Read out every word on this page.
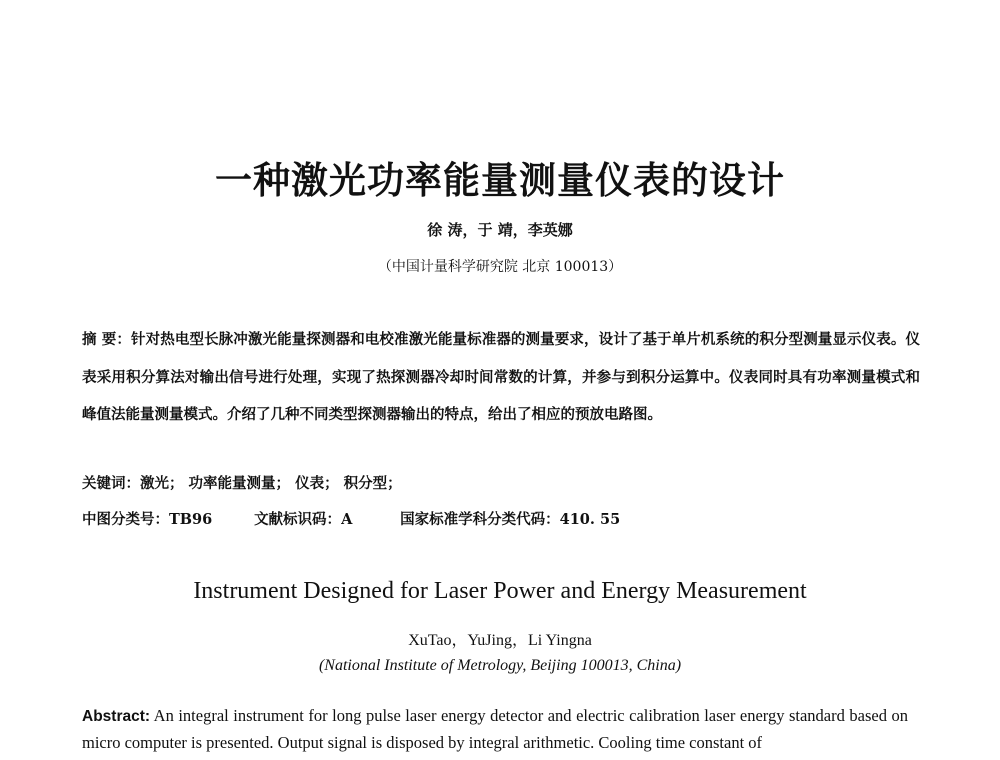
一种激光功率能量测量仪表的设计
徐 涛，于 靖，李英娜
（中国计量科学研究院 北京 100013）
摘 要：针对热电型长脉冲激光能量探测器和电校准激光能量标准器的测量要求，设计了基于单片机系统的积分型测量显示仪表。仪表采用积分算法对输出信号进行处理，实现了热探测器冷却时间常数的计算，并参与到积分运算中。仪表同时具有功率测量模式和峰值法能量测量模式。介绍了几种不同类型探测器输出的特点，给出了相应的预放电路图。
关键词：激光； 功率能量测量； 仪表； 积分型；
中图分类号：TB96	文献标识码：A	国家标准学科分类代码：410. 55
Instrument Designed for Laser Power and Energy Measurement
XuTao，YuJing，Li Yingna
(National Institute of Metrology, Beijing 100013, China)
Abstract: An integral instrument for long pulse laser energy detector and electric calibration laser energy standard based on micro computer is presented. Output signal is disposed by integral arithmetic. Cooling time constant of
